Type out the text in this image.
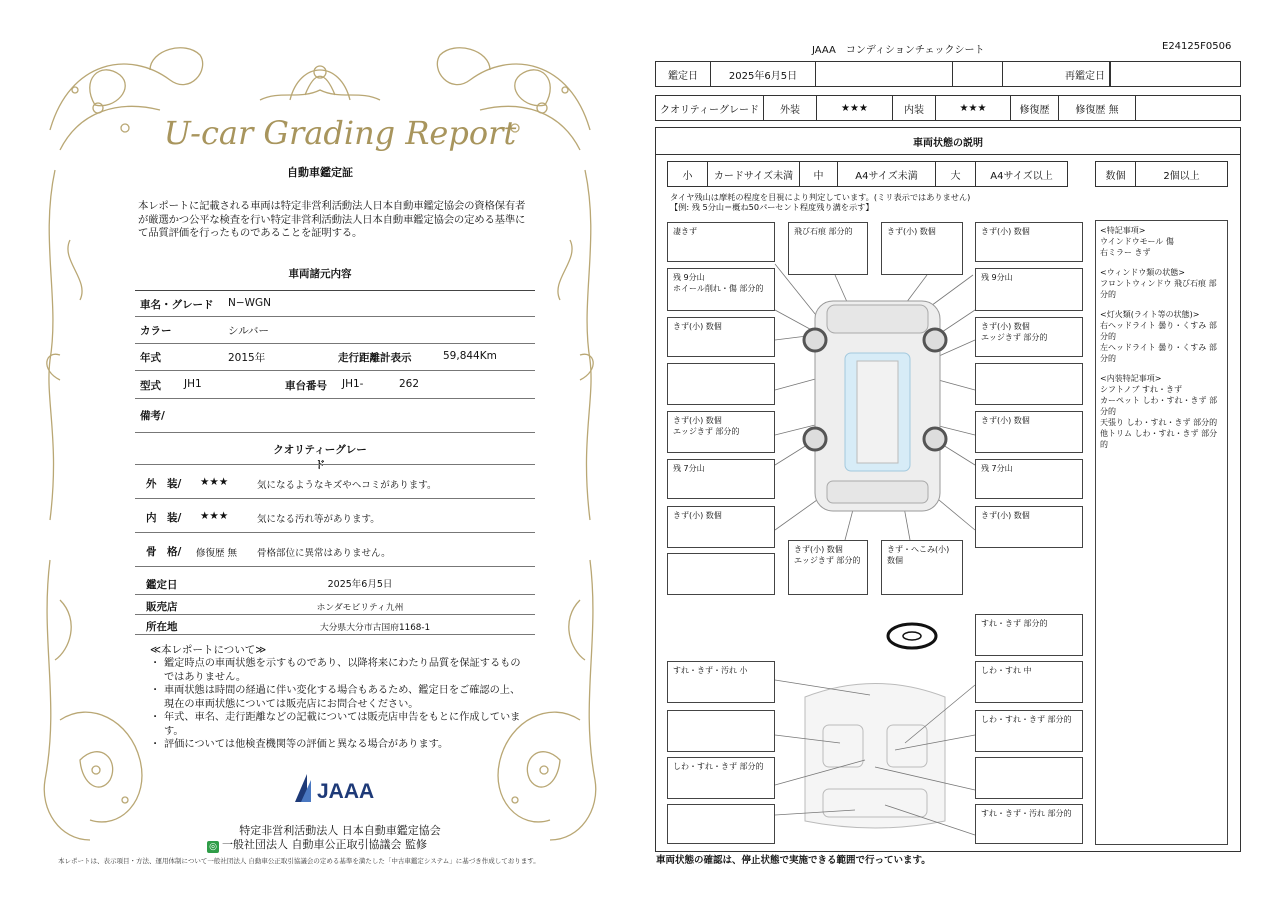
U-car Grading Report
自動車鑑定証
本レポートに記載される車両は特定非営利活動法人日本自動車鑑定協会の資格保有者が厳選かつ公平な検査を行い特定非営利活動法人日本自動車鑑定協会の定める基準にて品質評価を行ったものであることを証明する。
車両諸元内容
車名・グレード N−WGN
カラー	シルバー
年式	2015年	走行距離計表示	59,844Km
型式 JH1	車台番号 JH1-	262
備考/
クオリティーグレード
外　装/ ★★★	気になるようなキズやヘコミがあります。
内　装/ ★★★	気になる汚れ等があります。
骨　格/ 修復歴 無 骨格部位に異常はありません。
鑑定日	2025年6月5日
販売店	ホンダモビリティ九州
所在地	大分県大分市古国府1168-1
≪本レポートについて≫
・ 鑑定時点の車両状態を示すものであり、以降将来にわたり品質を保証するものではありません。
・ 車両状態は時間の経過に伴い変化する場合もあるため、鑑定日をご確認の上、現在の車両状態については販売店にお問合せください。
・ 年式、車名、走行距離などの記載については販売店申告をもとに作成しています。
・ 評価については他検査機関等の評価と異なる場合があります。
JAAA
特定非営利活動法人 日本自動車鑑定協会
◎ 一般社団法人 自動車公正取引協議会 監修
本レポートは、表示項目・方法、運用体制について一般社団法人 自動車公正取引協議会の定める基準を満たした「中古車鑑定システム」に基づき作成しております。
JAAA　コンディションチェックシート	E24125F0506
鑑定日	2025年6月5日	再鑑定日
クオリティーグレード	外装	★★★	内装	★★★	修復歴	修復歴 無
車両状態の説明
小	カードサイズ未満	中	A4サイズ未満	大	A4サイズ以上	数個	2個以上
タイヤ残山は摩耗の程度を目視により判定しています。(ミリ表示ではありません)
【例: 残 5分山＝概ね50パーセント程度残り溝を示す】
凄きず	飛び石痕 部分的	きず(小) 数個	きず(小) 数個
残 9分山
ホイール削れ・傷 部分的
残 9分山
きず(小) 数個	きず(小) 数個
エッジきず 部分的
きず(小) 数個
エッジきず 部分的
きず(小) 数個
残 7分山	残 7分山
きず(小) 数個	きず(小) 数個
きず(小) 数個
エッジきず 部分的
きず・へこみ(小) 数個
すれ・きず 部分的
すれ・きず・汚れ 小	しわ・すれ 中
しわ・すれ・きず 部分的
しわ・すれ・きず 部分的
すれ・きず・汚れ 部分的
<特記事項>
ウインドウモール 傷
右ミラー きず
<ウィンドウ類の状態>
フロントウィンドウ 飛び石痕 部分的
<灯火類(ライト等の状態)>
右ヘッドライト 曇り・くすみ 部分的
左ヘッドライト 曇り・くすみ 部分的
<内装特記事項>
シフトノブ すれ・きず
カーペット しわ・すれ・きず 部分的
天張り しわ・すれ・きず 部分的
他トリム しわ・すれ・きず 部分的
車両状態の確認は、停止状態で実施できる範囲で行っています。
